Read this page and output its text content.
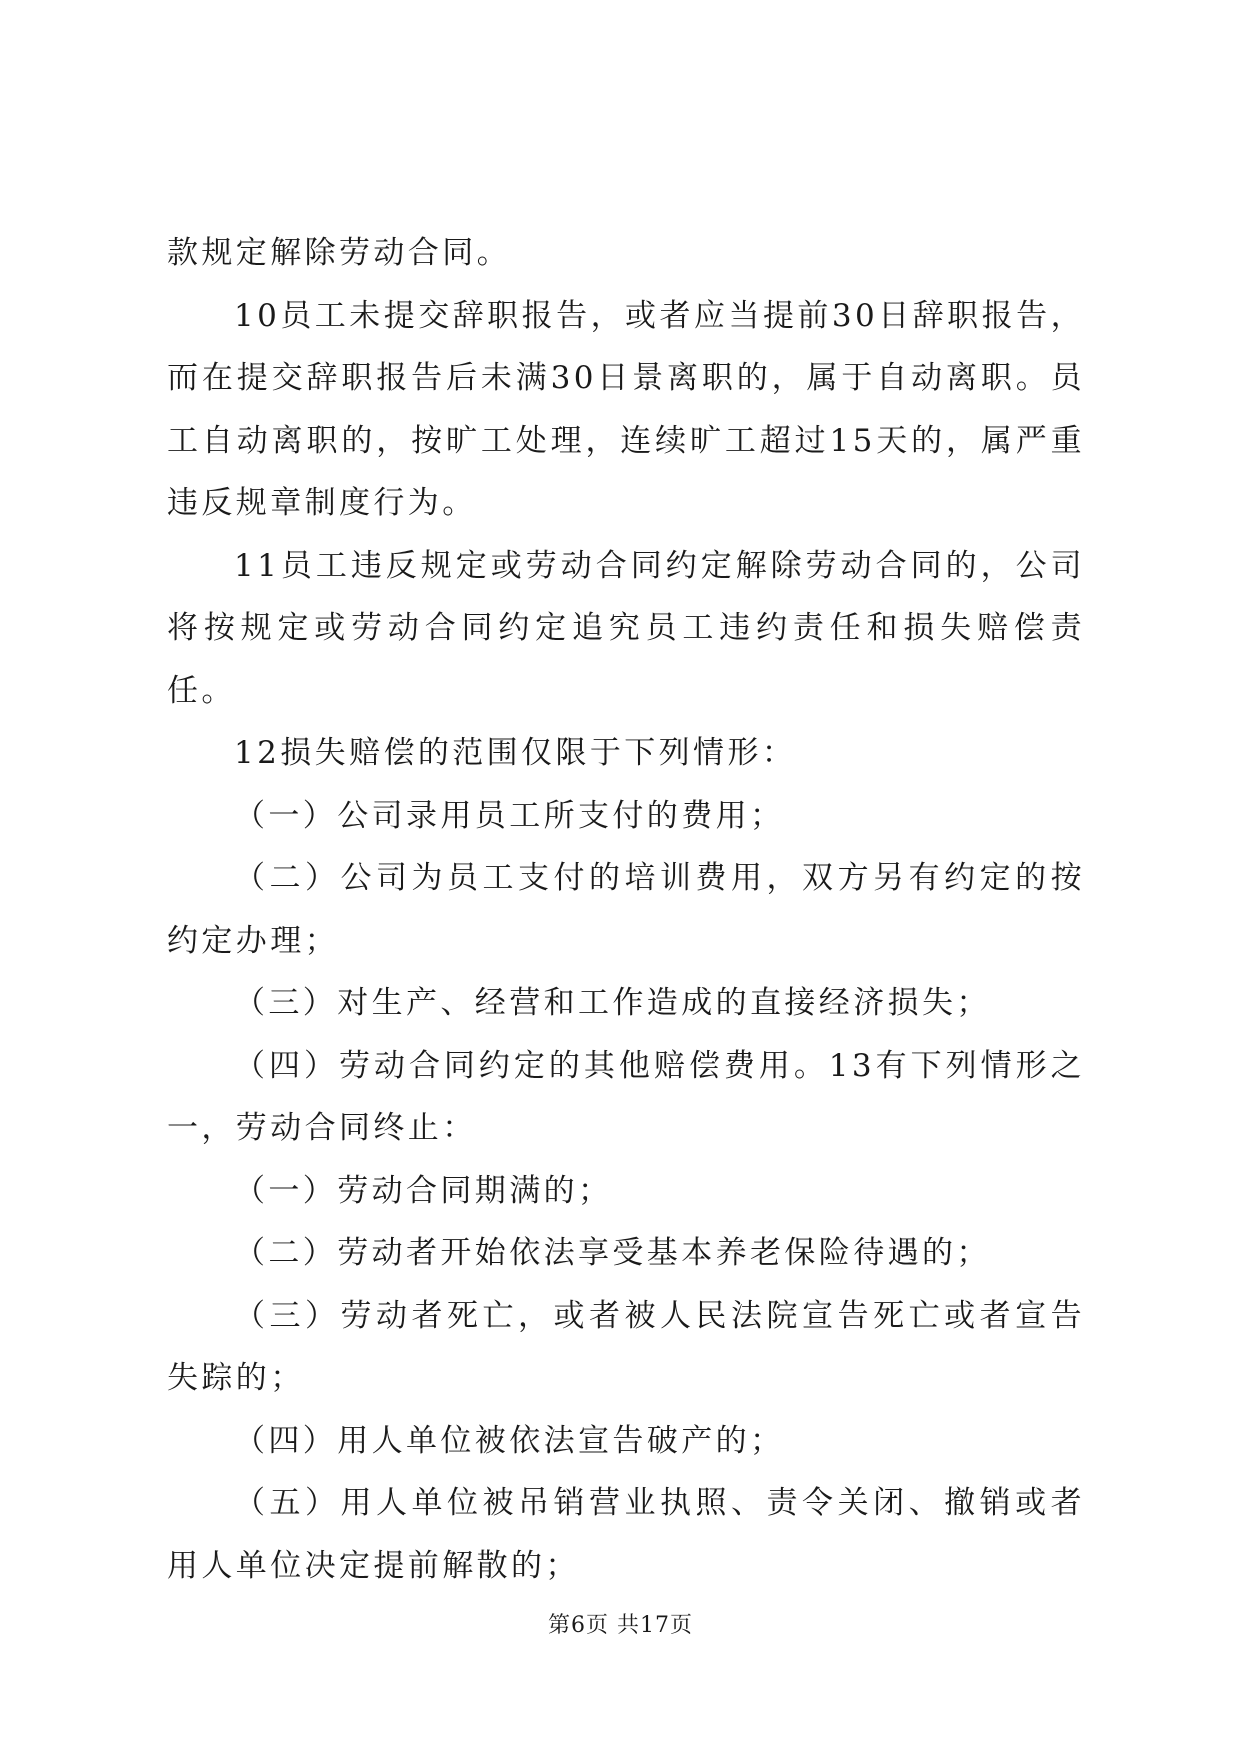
款规定解除劳动合同。

10员工未提交辞职报告，或者应当提前30日辞职报告，而在提交辞职报告后未满30日景离职的，属于自动离职。员工自动离职的，按旷工处理，连续旷工超过15天的，属严重违反规章制度行为。

11员工违反规定或劳动合同约定解除劳动合同的，公司将按规定或劳动合同约定追究员工违约责任和损失赔偿责任。

12损失赔偿的范围仅限于下列情形：

（一）公司录用员工所支付的费用；

（二）公司为员工支付的培训费用，双方另有约定的按约定办理；

（三）对生产、经营和工作造成的直接经济损失；

（四）劳动合同约定的其他赔偿费用。13有下列情形之一，劳动合同终止：

（一）劳动合同期满的；

（二）劳动者开始依法享受基本养老保险待遇的；

（三）劳动者死亡，或者被人民法院宣告死亡或者宣告失踪的；

（四）用人单位被依法宣告破产的；

（五）用人单位被吊销营业执照、责令关闭、撤销或者用人单位决定提前解散的；

第6页 共17页
